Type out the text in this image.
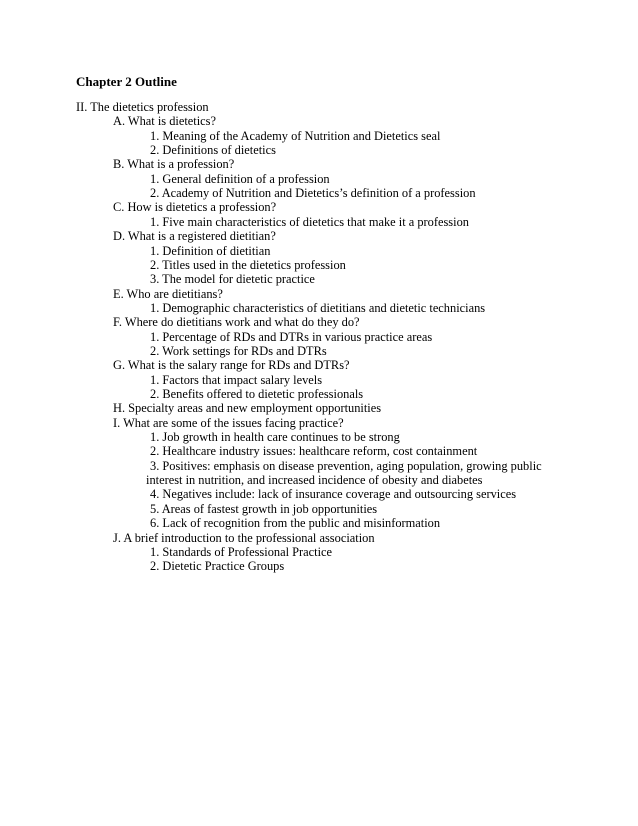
Chapter 2 Outline
II. The dietetics profession
A. What is dietetics?
1. Meaning of the Academy of Nutrition and Dietetics seal
2. Definitions of dietetics
B. What is a profession?
1. General definition of a profession
2. Academy of Nutrition and Dietetics’s definition of a profession
C. How is dietetics a profession?
1. Five main characteristics of dietetics that make it a profession
D. What is a registered dietitian?
1. Definition of dietitian
2. Titles used in the dietetics profession
3. The model for dietetic practice
E. Who are dietitians?
1. Demographic characteristics of dietitians and dietetic technicians
F. Where do dietitians work and what do they do?
1. Percentage of RDs and DTRs in various practice areas
2. Work settings for RDs and DTRs
G. What is the salary range for RDs and DTRs?
1. Factors that impact salary levels
2. Benefits offered to dietetic professionals
H. Specialty areas and new employment opportunities
I. What are some of the issues facing practice?
1. Job growth in health care continues to be strong
2. Healthcare industry issues: healthcare reform, cost containment
3. Positives: emphasis on disease prevention, aging population, growing public
interest in nutrition, and increased incidence of obesity and diabetes
4. Negatives include: lack of insurance coverage and outsourcing services
5. Areas of fastest growth in job opportunities
6. Lack of recognition from the public and misinformation
J. A brief introduction to the professional association
1. Standards of Professional Practice
2. Dietetic Practice Groups
